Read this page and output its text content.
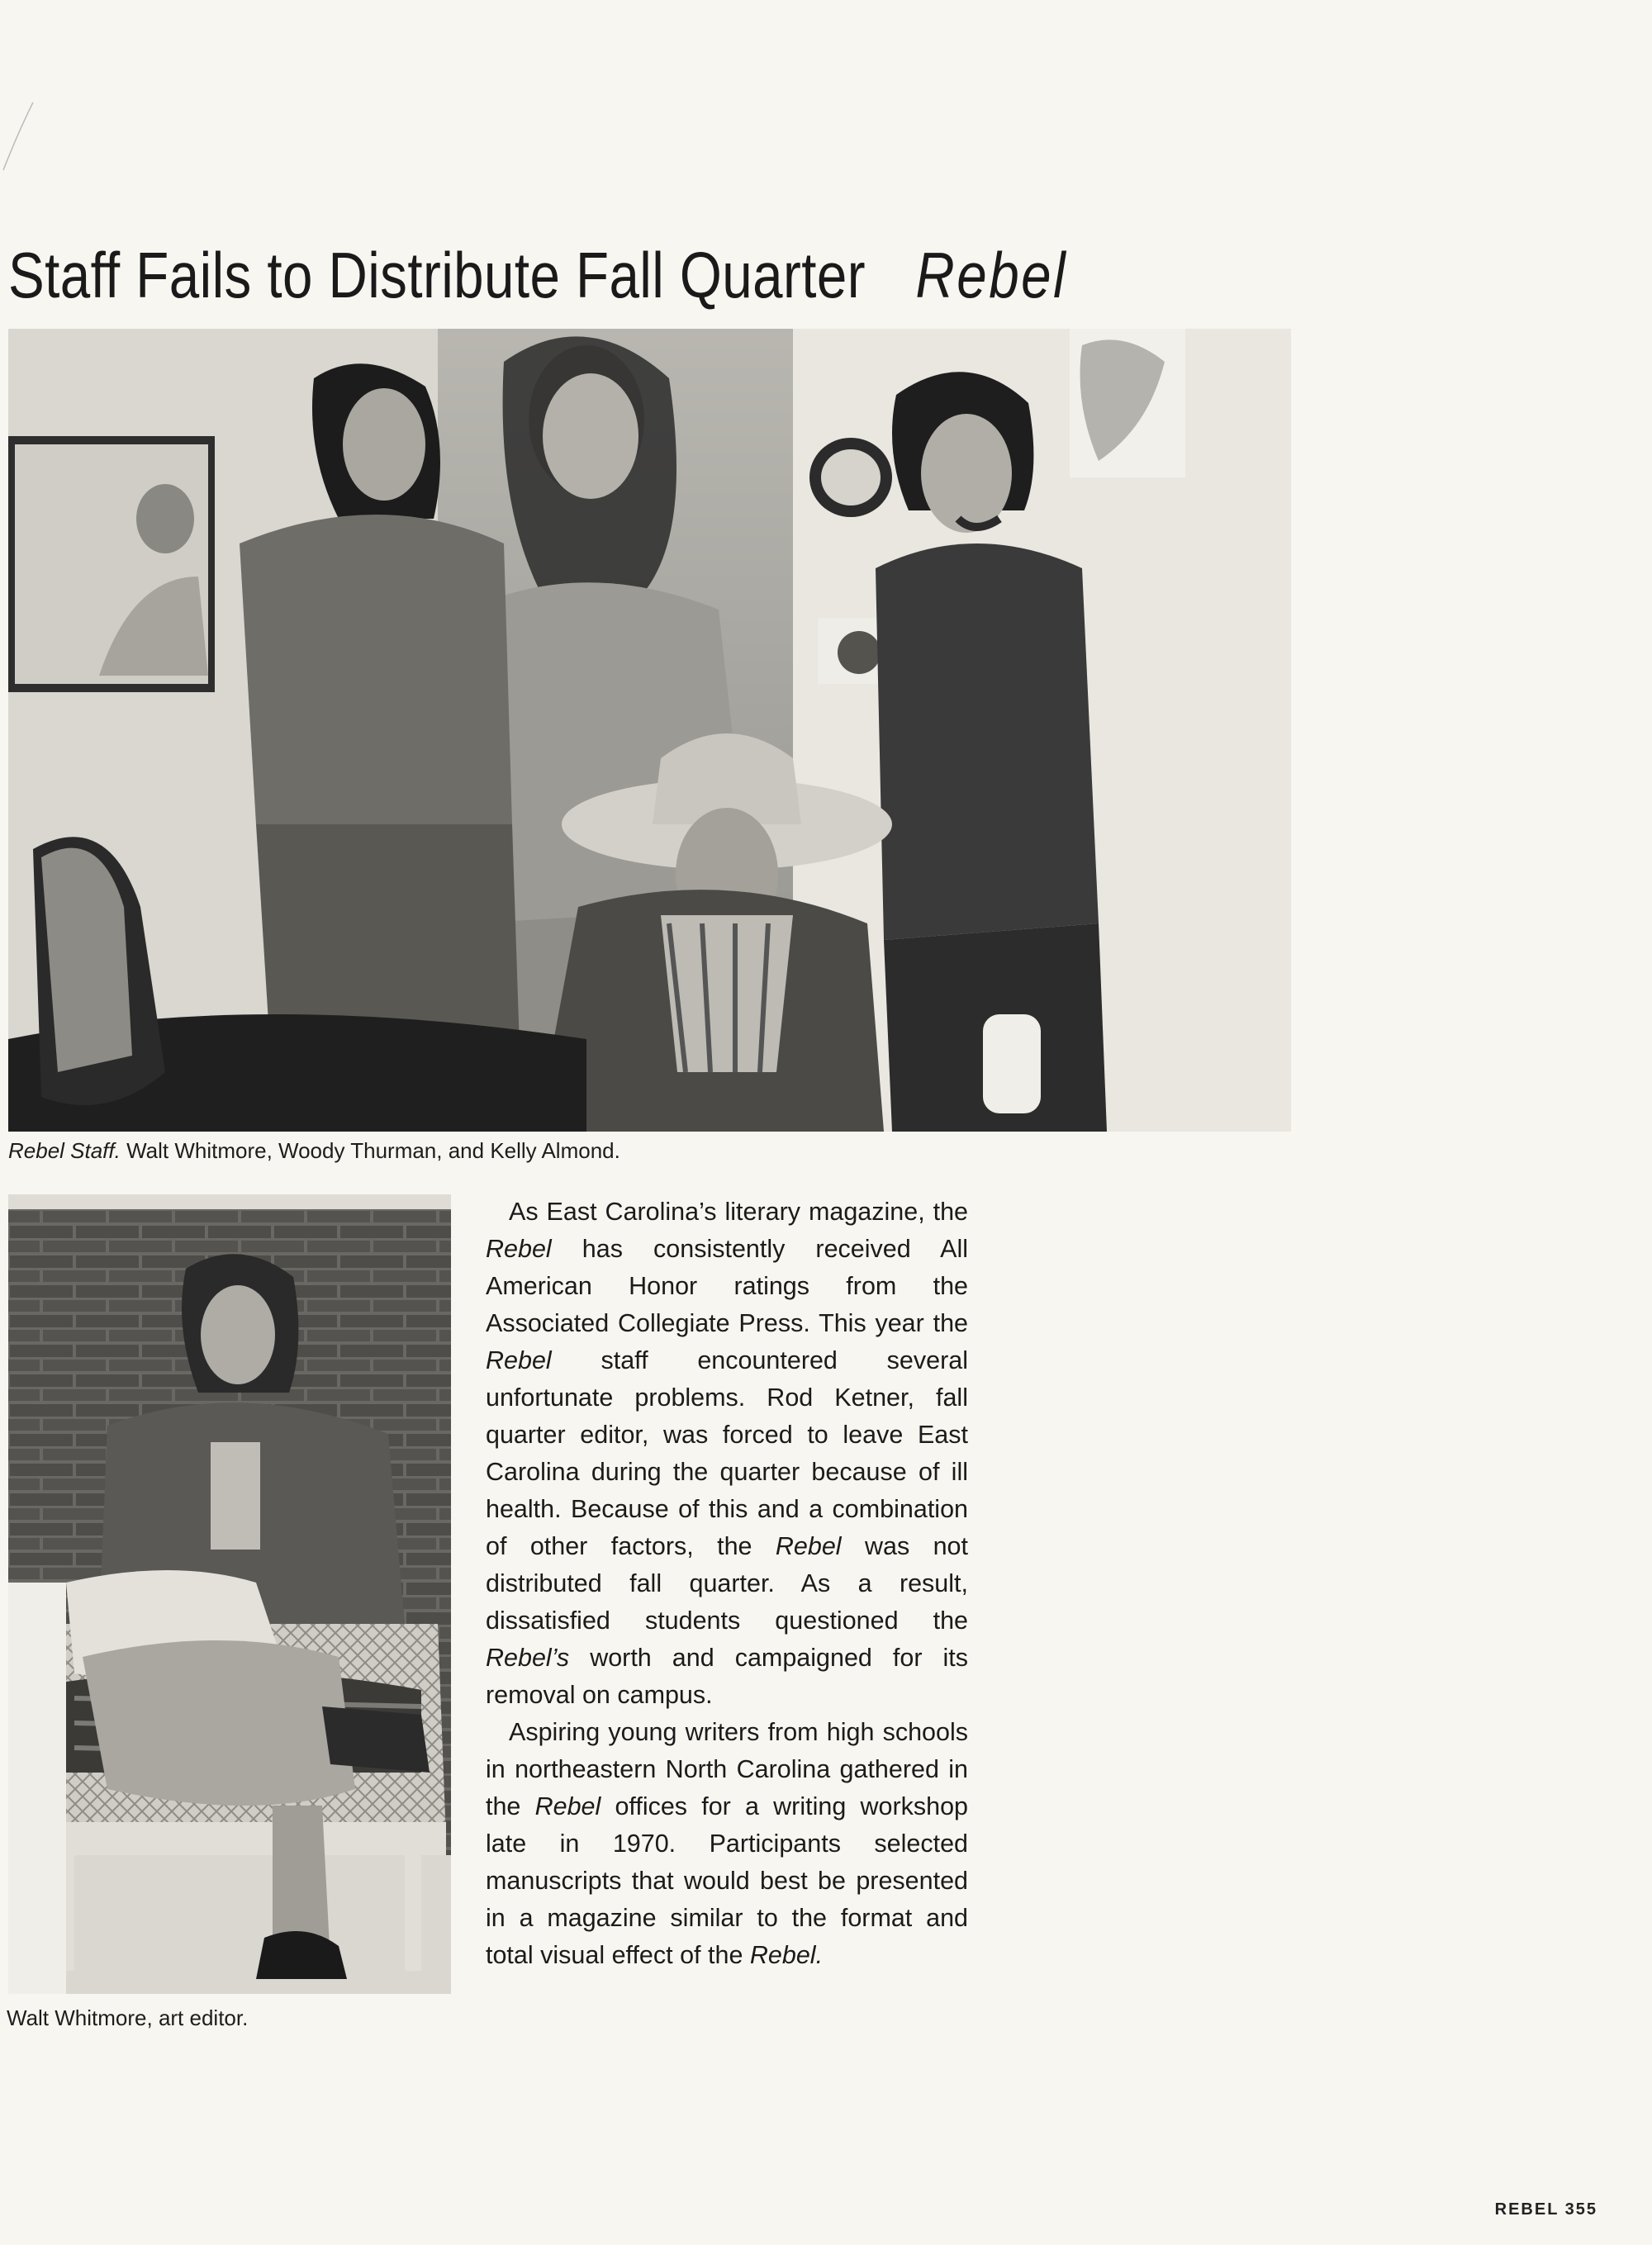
Staff Fails to Distribute Fall Quarter Rebel
Rebel Staff. Walt Whitmore, Woody Thurman, and Kelly Almond.
Walt Whitmore, art editor.

As East Carolina’s literary magazine, the Rebel has consistently received All American Honor ratings from the Associated Collegiate Press. This year the Rebel staff encountered several unfortunate problems. Rod Ketner, fall quarter editor, was forced to leave East Carolina during the quarter because of ill health. Because of this and a combination of other factors, the Rebel was not distributed fall quarter. As a result, dissatisfied students questioned the Rebel’s worth and campaigned for its removal on campus.

Aspiring young writers from high schools in northeastern North Carolina gathered in the Rebel offices for a writing workshop late in 1970. Participants selected manuscripts that would best be presented in a magazine similar to the format and total visual effect of the Rebel.

REBEL 355
